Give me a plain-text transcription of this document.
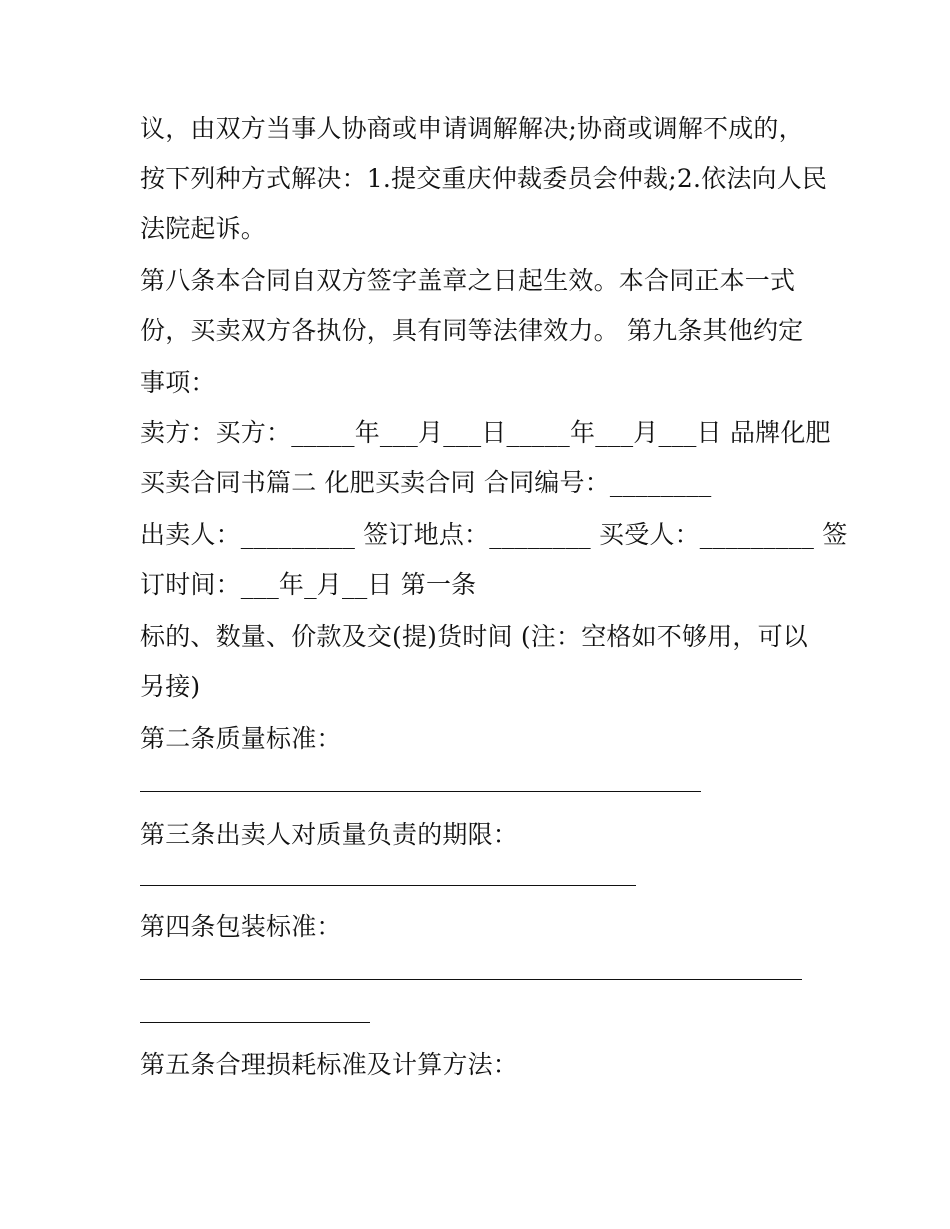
议，由双方当事人协商或申请调解解决;协商或调解不成的，
按下列种方式解决：1.提交重庆仲裁委员会仲裁;2.依法向人民
法院起诉。
第八条本合同自双方签字盖章之日起生效。本合同正本一式
份，买卖双方各执份，具有同等法律效力。 第九条其他约定
事项：
卖方：买方：_____年___月___日_____年___月___日 品牌化肥
买卖合同书篇二 化肥买卖合同 合同编号：________
出卖人：_________ 签订地点：________ 买受人：_________ 签
订时间：___年_月__日 第一条
标的、数量、价款及交(提)货时间 (注：空格如不够用，可以
另接)
第二条质量标准：
第三条出卖人对质量负责的期限：
第四条包装标准：
第五条合理损耗标准及计算方法：
